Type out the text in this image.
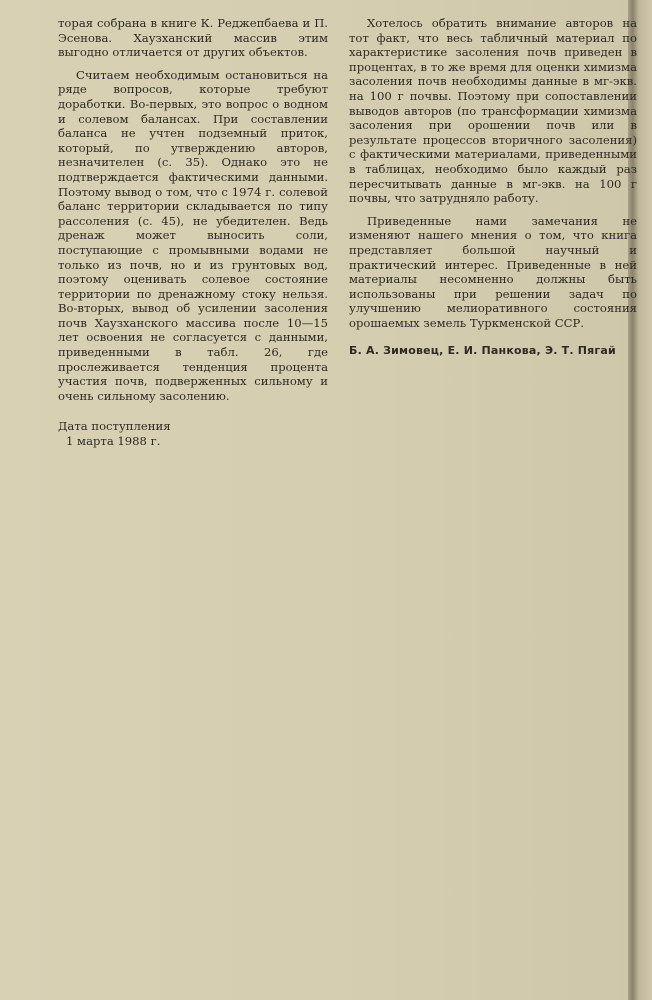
торая собрана в книге К. Реджепбаева и П. Эсенова. Хаузханский массив этим выгодно отличается от других объектов.

Считаем необходимым остановиться на ряде вопросов, которые требуют доработки. Во-первых, это вопрос о водном и солевом балансах. При составлении баланса не учтен подземный приток, который, по утверждению авторов, незначителен (с. 35). Однако это не подтверждается фактическими данными. Поэтому вывод о том, что с 1974 г. солевой баланс территории складывается по типу рассоления (с. 45), не убедителен. Ведь дренаж может выносить соли, поступающие с промывными водами не только из почв, но и из грунтовых вод, поэтому оценивать солевое состояние территории по дренажному стоку нельзя. Во-вторых, вывод об усилении засоления почв Хаузханского массива после 10—15 лет освоения не согласуется с данными, приведенными в табл. 26, где прослеживается тенденция процента участия почв, подверженных сильному и очень сильному засолению.

Дата поступления
1 марта 1988 г.

Хотелось обратить внимание авторов на тот факт, что весь табличный материал по характеристике засоления почв приведен в процентах, в то же время для оценки химизма засоления почв необходимы данные в мг-экв. на 100 г почвы. Поэтому при сопоставлении выводов авторов (по трансформации химизма засоления при орошении почв или в результате процессов вторичного засоления) с фактическими материалами, приведенными в таблицах, необходимо было каждый раз пересчитывать данные в мг-экв. на 100 г почвы, что затрудняло работу.

Приведенные нами замечания не изменяют нашего мнения о том, что книга представляет большой научный и практический интерес. Приведенные в ней материалы несомненно должны быть использованы при решении задач по улучшению мелиоративного состояния орошаемых земель Туркменской ССР.

Б. А. Зимовец, Е. И. Панкова, Э. Т. Пягай
